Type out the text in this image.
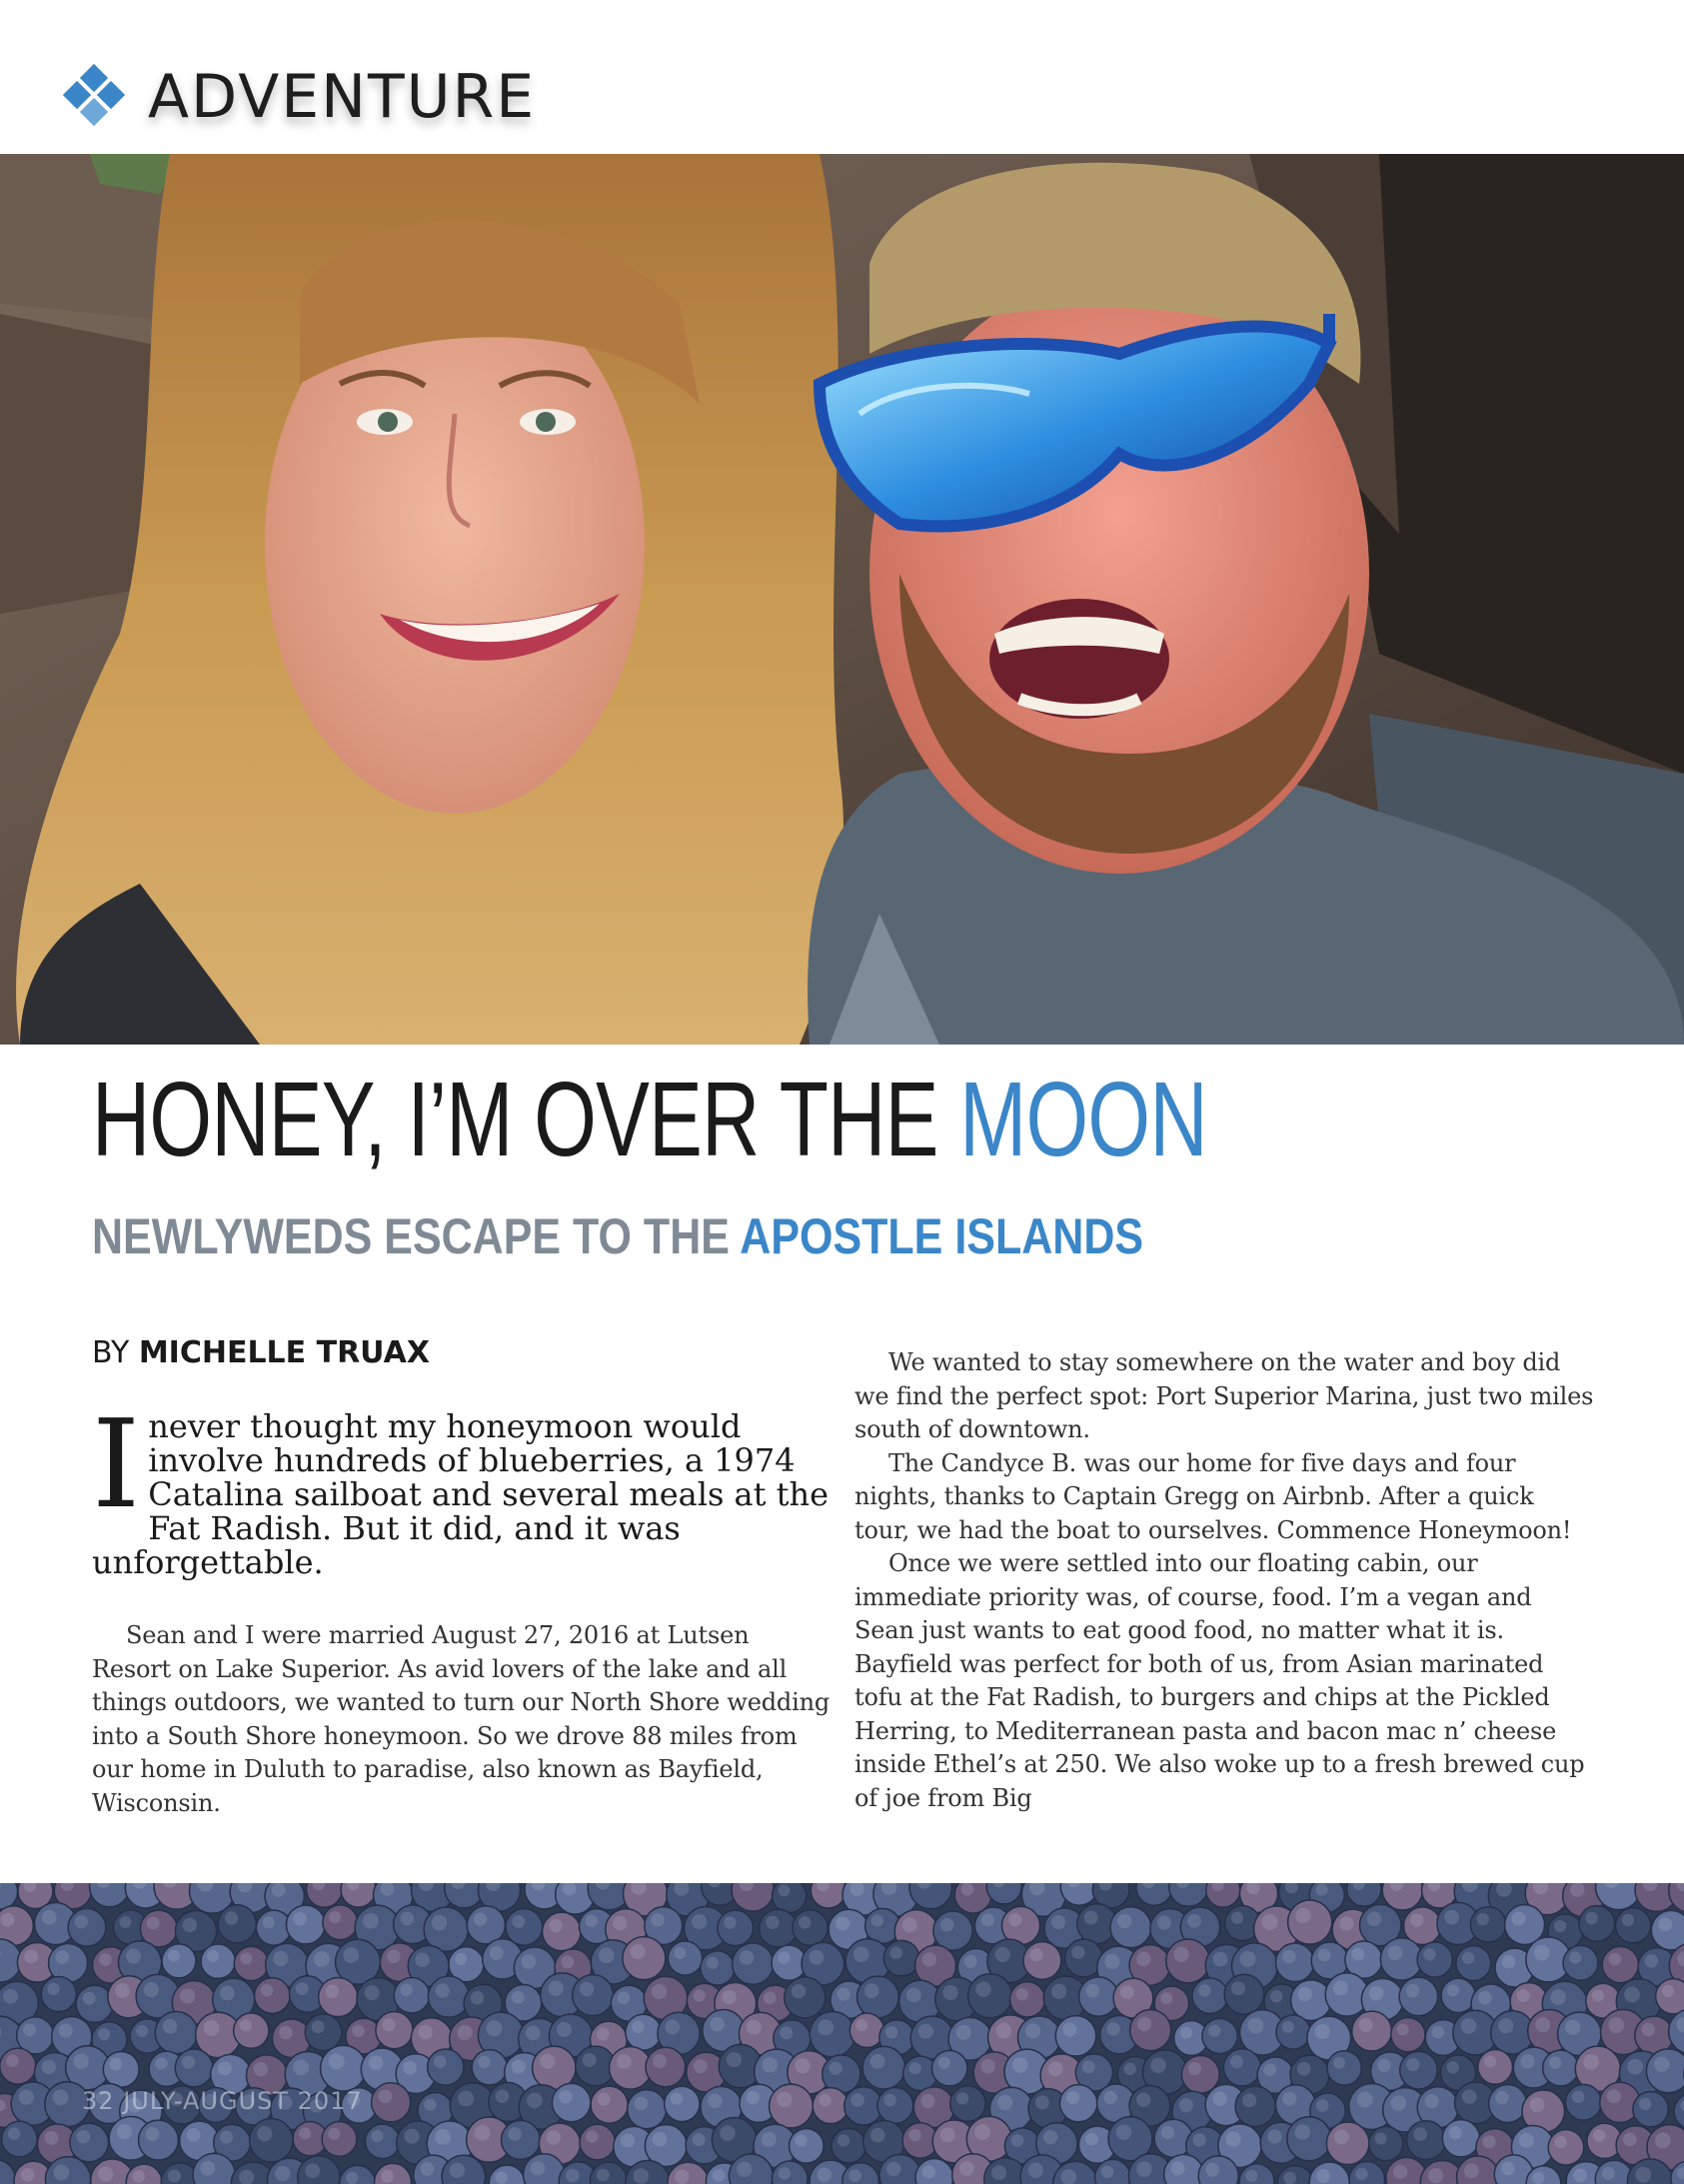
ADVENTURE
HONEY, I’M OVER THE MOON
NEWLYWEDS ESCAPE TO THE APOSTLE ISLANDS
BY MICHELLE TRUAX

Inever thought my honeymoon would involve hundreds of blueberries, a 1974 Catalina sailboat and several meals at the Fat Radish. But it did, and it was unforgettable.

Sean and I were married August 27, 2016 at Lutsen Resort on Lake Superior. As avid lovers of the lake and all things outdoors, we wanted to turn our North Shore wedding into a South Shore honeymoon. So we drove 88 miles from our home in Duluth to paradise, also known as Bayfield, Wisconsin.

We wanted to stay somewhere on the water and boy did we find the perfect spot: Port Superior Marina, just two miles south of downtown.

The Candyce B. was our home for five days and four nights, thanks to Captain Gregg on Airbnb. After a quick tour, we had the boat to ourselves. Commence Honeymoon!

Once we were settled into our floating cabin, our immediate priority was, of course, food. I’m a vegan and Sean just wants to eat good food, no matter what it is. Bayfield was perfect for both of us, from Asian marinated tofu at the Fat Radish, to burgers and chips at the Pickled Herring, to Mediterranean pasta and bacon mac n’ cheese inside Ethel’s at 250. We also woke up to a fresh brewed cup of joe from Big

32 JULY-AUGUST 2017
